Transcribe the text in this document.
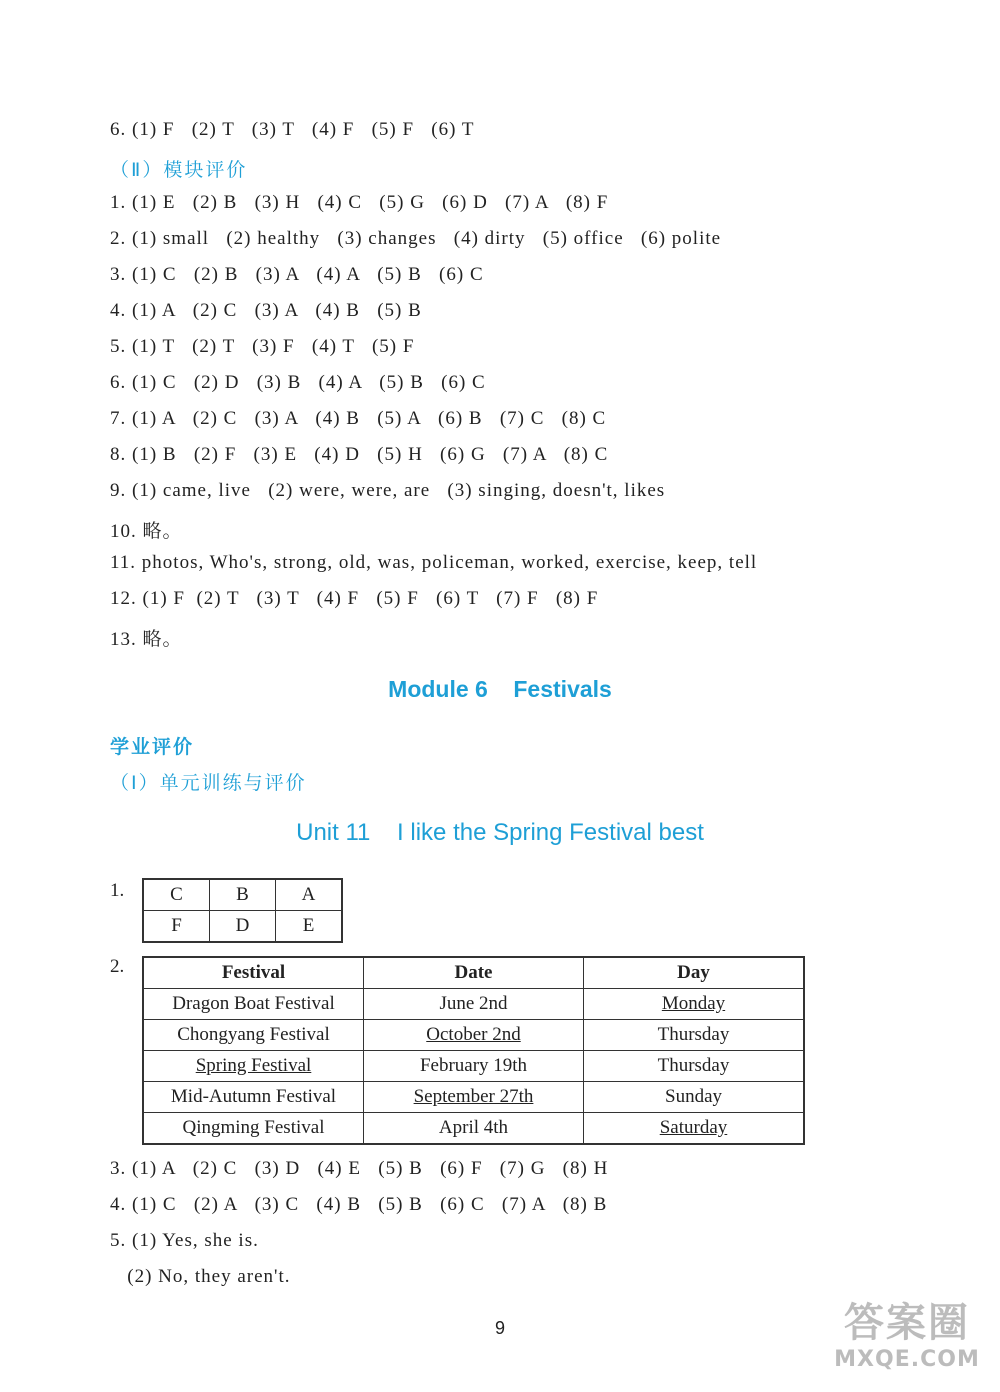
6. (1) F   (2) T   (3) T   (4) F   (5) F   (6) T
（Ⅱ）模块评价
1. (1) E   (2) B   (3) H   (4) C   (5) G   (6) D   (7) A   (8) F
2. (1) small   (2) healthy   (3) changes   (4) dirty   (5) office   (6) polite
3. (1) C   (2) B   (3) A   (4) A   (5) B   (6) C
4. (1) A   (2) C   (3) A   (4) B   (5) B
5. (1) T   (2) T   (3) F   (4) T   (5) F
6. (1) C   (2) D   (3) B   (4) A   (5) B   (6) C
7. (1) A   (2) C   (3) A   (4) B   (5) A   (6) B   (7) C   (8) C
8. (1) B   (2) F   (3) E   (4) D   (5) H   (6) G   (7) A   (8) C
9. (1) came, live   (2) were, were, are   (3) singing, doesn't, likes
10. 略。
11. photos, Who's, strong, old, was, policeman, worked, exercise, keep, tell
12. (1) F  (2) T   (3) T   (4) F   (5) F   (6) T   (7) F   (8) F
13. 略。
Module 6    Festivals
学业评价
（Ⅰ）单元训练与评价
Unit 11    I like the Spring Festival best
1. C	B	A
F	D	E
2.	Festival	Date	Day
Dragon Boat Festival	June 2nd	Monday
Chongyang Festival	October 2nd	Thursday
Spring Festival	February 19th	Thursday
Mid-Autumn Festival	September 27th	Sunday
Qingming Festival	April 4th	Saturday
3. (1) A   (2) C   (3) D   (4) E   (5) B   (6) F   (7) G   (8) H
4. (1) C   (2) A   (3) C   (4) B   (5) B   (6) C   (7) A   (8) B
5. (1) Yes, she is.
(2) No, they aren't.
9	答案圈
MXQE.COM
